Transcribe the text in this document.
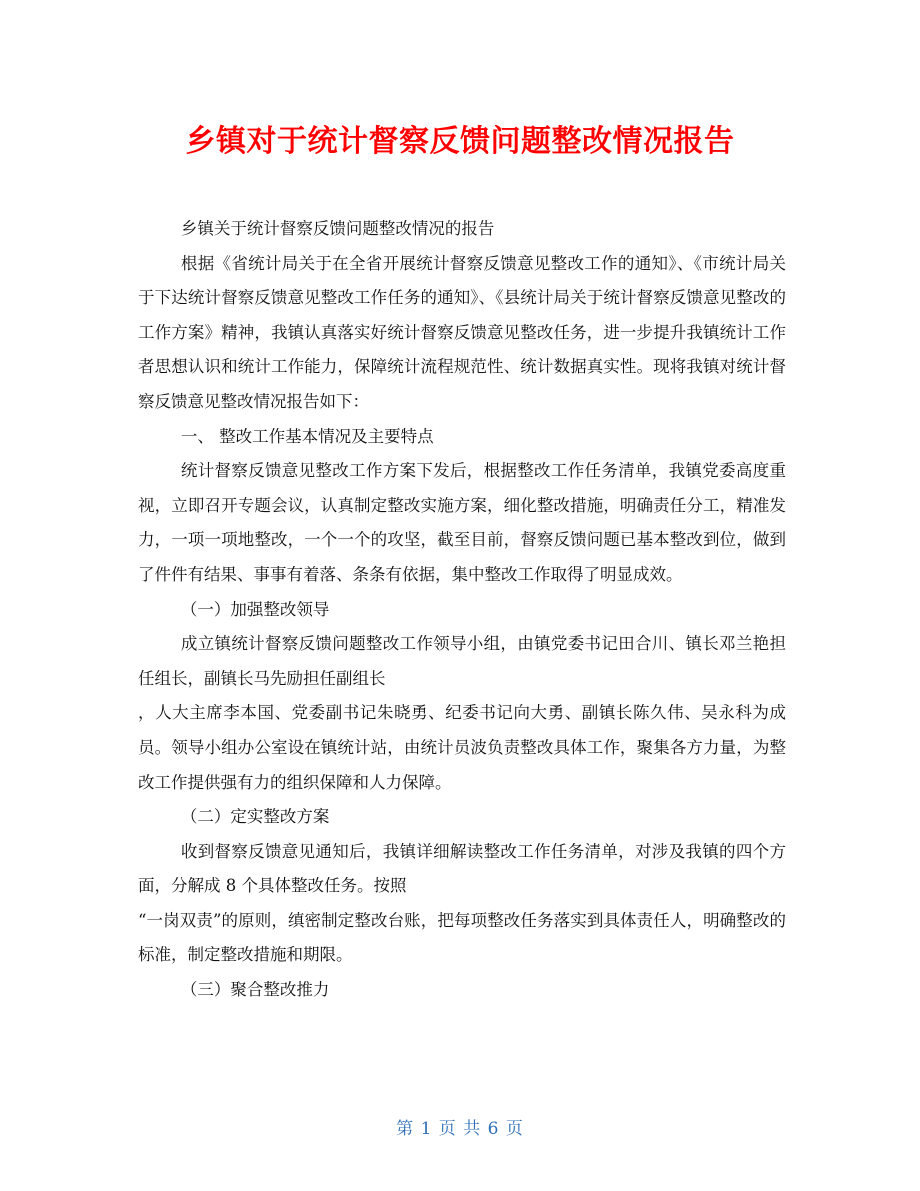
乡镇对于统计督察反馈问题整改情况报告

乡镇关于统计督察反馈问题整改情况的报告

根据《省统计局关于在全省开展统计督察反馈意见整改工作的通知》、《市统计局关于下达统计督察反馈意见整改工作任务的通知》、《县统计局关于统计督察反馈意见整改的工作方案》精神，我镇认真落实好统计督察反馈意见整改任务，进一步提升我镇统计工作者思想认识和统计工作能力，保障统计流程规范性、统计数据真实性。现将我镇对统计督察反馈意见整改情况报告如下：

一、 整改工作基本情况及主要特点

统计督察反馈意见整改工作方案下发后，根据整改工作任务清单，我镇党委高度重视，立即召开专题会议，认真制定整改实施方案，细化整改措施，明确责任分工，精准发力，一项一项地整改，一个一个的攻坚，截至目前，督察反馈问题已基本整改到位，做到了件件有结果、事事有着落、条条有依据，集中整改工作取得了明显成效。

（一）加强整改领导

成立镇统计督察反馈问题整改工作领导小组，由镇党委书记田合川、镇长邓兰艳担任组长，副镇长马先励担任副组长

，人大主席李本国、党委副书记朱晓勇、纪委书记向大勇、副镇长陈久伟、吴永科为成员。领导小组办公室设在镇统计站，由统计员波负责整改具体工作，聚集各方力量，为整改工作提供强有力的组织保障和人力保障。

（二）定实整改方案

收到督察反馈意见通知后，我镇详细解读整改工作任务清单，对涉及我镇的四个方面，分解成 8 个具体整改任务。按照

“一岗双责”的原则，缜密制定整改台账，把每项整改任务落实到具体责任人，明确整改的标准，制定整改措施和期限。

（三）聚合整改推力

第 1 页 共 6 页
